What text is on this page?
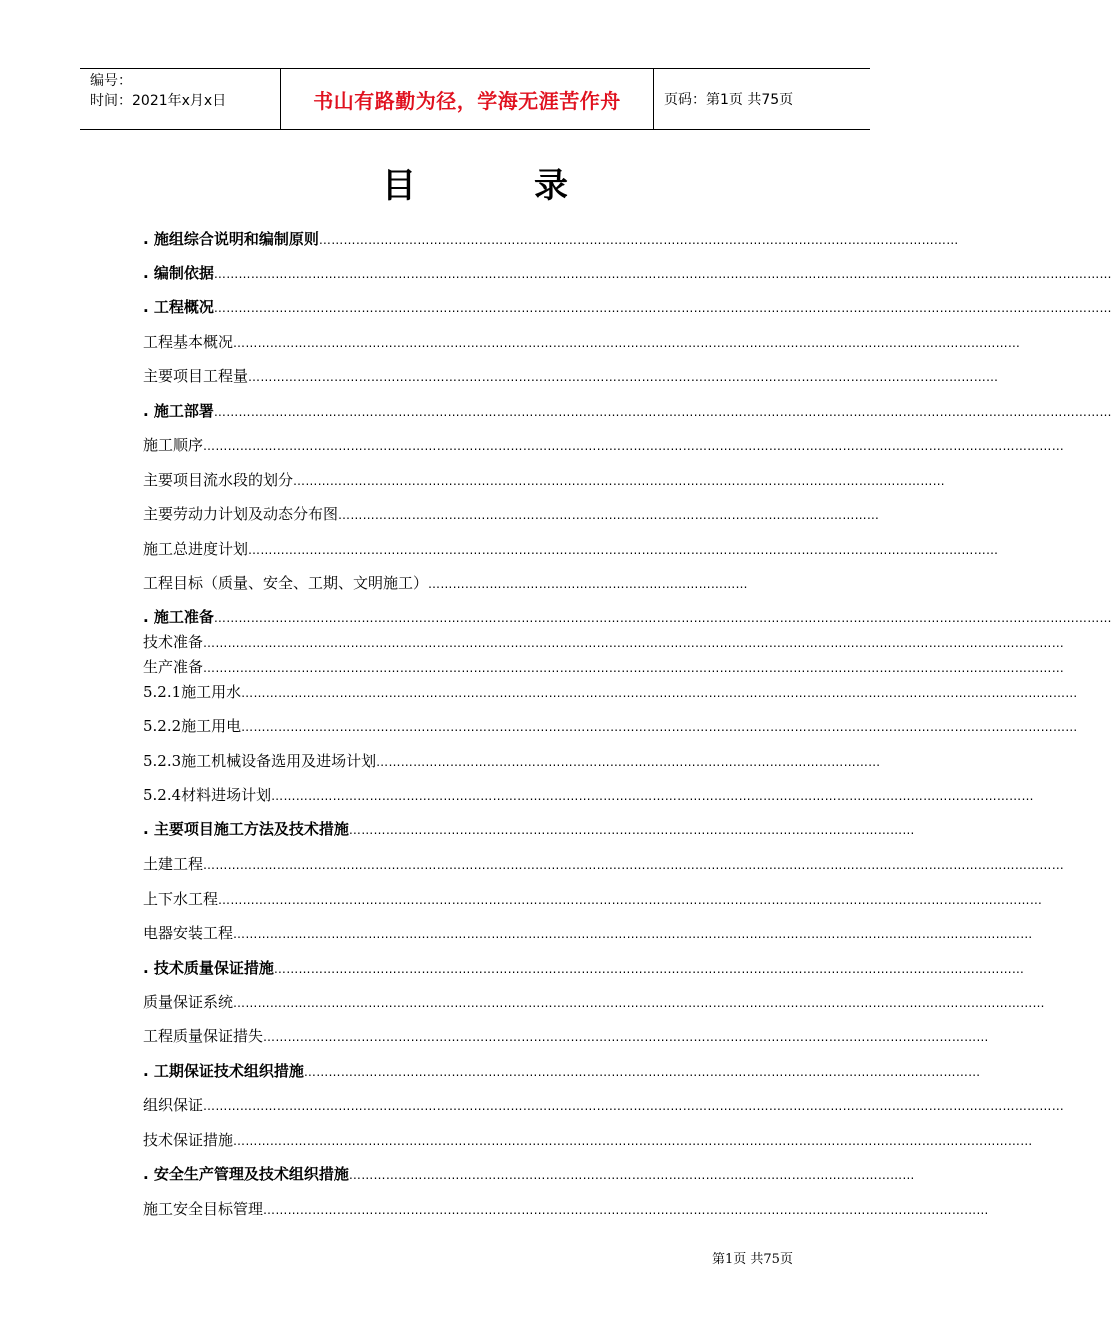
编号：
时间：2021年x月x日	书山有路勤为径，学海无涯苦作舟	页码：第1页 共75页
目	录
. 施组综合说明和编制原则 …………………………………………………………………………………………………………………………………………
. 编制依据 …………………………………………………………………………………………………………………………………………………………………………………………………
. 工程概况 …………………………………………………………………………………………………………………………………………………………………………………………………
工程基本概况 …………………………………………………………………………………………………………………………………………………………………………
主要项目工程量 …………………………………………………………………………………………………………………………………………………………………
. 施工部署 …………………………………………………………………………………………………………………………………………………………………………………………………
施工顺序 …………………………………………………………………………………………………………………………………………………………………………………………
主要项目流水段的划分 ……………………………………………………………………………………………………………………………………………
主要劳动力计划及动态分布图 ……………………………………………………………………………………………………………………
施工总进度计划 …………………………………………………………………………………………………………………………………………………………………
工程目标（质量、安全、工期、文明施工） ……………………………………………………………………
. 施工准备 …………………………………………………………………………………………………………………………………………………………………………………………………
技术准备 …………………………………………………………………………………………………………………………………………………………………………………………
生产准备 …………………………………………………………………………………………………………………………………………………………………………………………
5.2.1施工用水 ……………………………………………………………………………………………………………………………………………………………………………………
5.2.2施工用电 ……………………………………………………………………………………………………………………………………………………………………………………
5.2.3施工机械设备选用及进场计划 ……………………………………………………………………………………………………………
5.2.4材料进场计划 ……………………………………………………………………………………………………………………………………………………………………
. 主要项目施工方法及技术措施 …………………………………………………………………………………………………………………………
土建工程 …………………………………………………………………………………………………………………………………………………………………………………………
上下水工程 …………………………………………………………………………………………………………………………………………………………………………………
电器安装工程 ……………………………………………………………………………………………………………………………………………………………………………
. 技术质量保证措施 …………………………………………………………………………………………………………………………………………………………………
质量保证系统 ………………………………………………………………………………………………………………………………………………………………………………
工程质量保证措失 ……………………………………………………………………………………………………………………………………………………………
. 工期保证技术组织措施 …………………………………………………………………………………………………………………………………………………
组织保证 …………………………………………………………………………………………………………………………………………………………………………………………
技术保证措施 ……………………………………………………………………………………………………………………………………………………………………………
. 安全生产管理及技术组织措施 …………………………………………………………………………………………………………………………
施工安全目标管理 ……………………………………………………………………………………………………………………………………………………………
第1页 共75页
